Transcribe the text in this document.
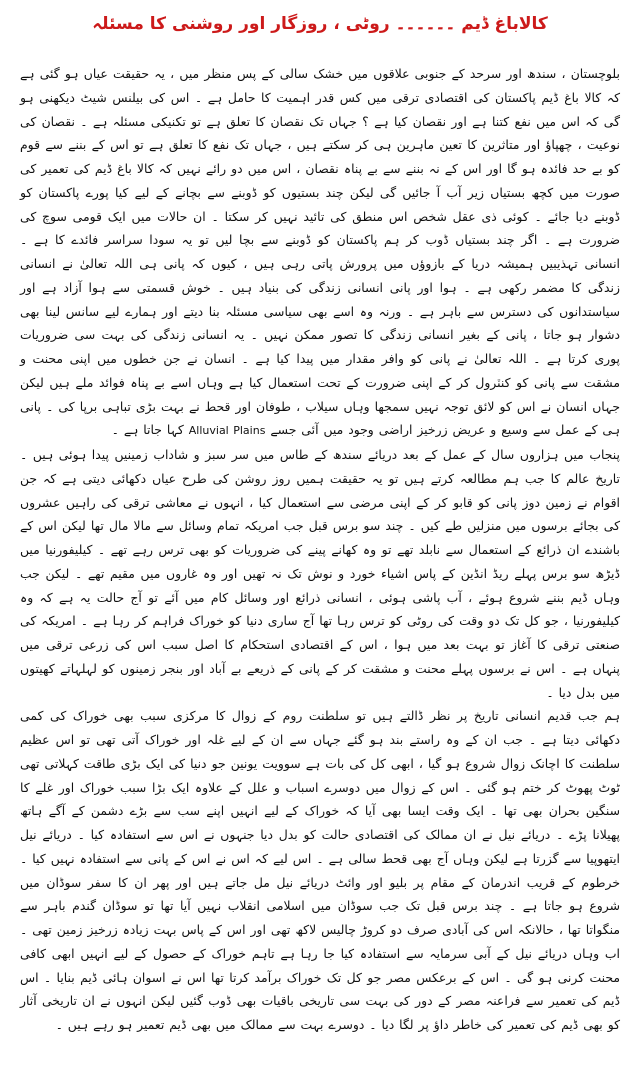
کالاباغ ڈیم ۔۔۔۔۔۔ روٹی ، روزگار اور روشنی کا مسئلہ

بلوچستان ، سندھ اور سرحد کے جنوبی علاقوں میں خشک سالی کے پس منظر میں ، یہ حقیقت عیاں ہو گئی ہے کہ کالا باغ ڈیم پاکستان کی اقتصادی ترقی میں کس قدر اہمیت کا حامل ہے ۔ اس کی بیلنس شیٹ دیکھنی ہو گی کہ اس میں نفع کتنا ہے اور نقصان کیا ہے ؟ جہاں تک نقصان کا تعلق ہے تو تکنیکی مسئلہ ہے ۔ نقصان کی نوعیت ، چھپاؤ اور متاثرین کا تعین ماہرین ہی کر سکتے ہیں ، جہاں تک نفع کا تعلق ہے تو اس کے بننے سے قوم کو بے حد فائدہ ہو گا اور اس کے نہ بننے سے بے پناہ نقصان ، اس میں دو رائے نہیں کہ کالا باغ ڈیم کی تعمیر کی صورت میں کچھ بستیاں زیر آب آ جائیں گی لیکن چند بستیوں کو ڈوبنے سے بچانے کے لیے کیا پورے پاکستان کو ڈوبنے دیا جائے ۔ کوئی ذی عقل شخص اس منطق کی تائید نہیں کر سکتا ۔ ان حالات میں ایک قومی سوچ کی ضرورت ہے ۔ اگر چند بستیاں ڈوب کر ہم پاکستان کو ڈوبنے سے بچا لیں تو یہ سودا سراسر فائدے کا ہے ۔ انسانی تہذیبیں ہمیشہ دریا کے بازوؤں میں پرورش پاتی رہی ہیں ، کیوں کہ پانی ہی اللہ تعالیٰ نے انسانی زندگی کا مضمر رکھی ہے ۔ ہوا اور پانی انسانی زندگی کی بنیاد ہیں ۔ خوش قسمتی سے ہوا آزاد ہے اور سیاستدانوں کی دسترس سے باہر ہے ۔ ورنہ وہ اسے بھی سیاسی مسئلہ بنا دیتے اور ہمارے لیے سانس لینا بھی دشوار ہو جاتا ، پانی کے بغیر انسانی زندگی کا تصور ممکن نہیں ۔ یہ انسانی زندگی کی بہت سی ضروریات پوری کرتا ہے ۔ اللہ تعالیٰ نے پانی کو وافر مقدار میں پیدا کیا ہے ۔ انسان نے جن خطوں میں اپنی محنت و مشقت سے پانی کو کنٽرول کر کے اپنی ضرورت کے تحت استعمال کیا ہے وہاں اسے بے پناہ فوائد ملے ہیں لیکن جہاں انسان نے اس کو لائق توجہ نہیں سمجھا وہاں سیلاب ، طوفان اور قحط نے بہت بڑی تباہی برپا کی ۔ پانی ہی کے عمل سے وسیع و عریض زرخیز اراضی وجود میں آئی جسے Alluvial Plains کہا جاتا ہے ۔

پنجاب میں ہزاروں سال کے عمل کے بعد دریائے سندھ کے طاس میں سر سبز و شاداب زمینیں پیدا ہوئی ہیں ۔ تاریخ عالم کا جب ہم مطالعہ کرتے ہیں تو یہ حقیقت ہمیں روز روشن کی طرح عیاں دکھائی دیتی ہے کہ جن اقوام نے زمین دوز پانی کو قابو کر کے اپنی مرضی سے استعمال کیا ، انہوں نے معاشی ترقی کی راہیں عشروں کی بجائے برسوں میں منزلیں طے کیں ۔ چند سو برس قبل جب امریکہ تمام وسائل سے مالا مال تھا لیکن اس کے باشندے ان ذرائع کے استعمال سے نابلد تھے تو وہ کھانے پینے کی ضروریات کو بھی ترس رہے تھے ۔ کیلیفورنیا میں ڈیڑھ سو برس پہلے ریڈ انڈین کے پاس اشیاء خورد و نوش تک نہ تھیں اور وہ غاروں میں مقیم تھے ۔ لیکن جب وہاں ڈیم بننے شروع ہوئے ، آب پاشی ہوئی ، انسانی ذرائع اور وسائل کام میں آئے تو آج حالت یہ ہے کہ وہ کیلیفورنیا ، جو کل تک دو وقت کی روٹی کو ترس رہا تھا آج ساری دنیا کو خوراک فراہم کر رہا ہے ۔ امریکہ کی صنعتی ترقی کا آغاز تو بہت بعد میں ہوا ، اس کے اقتصادی استحکام کا اصل سبب اس کی زرعی ترقی میں پنہاں ہے ۔ اس نے برسوں پہلے محنت و مشقت کر کے پانی کے ذریعے بے آباد اور بنجر زمینوں کو لہلہاتے کھیتوں میں بدل دیا ۔

ہم جب قدیم انسانی تاریخ پر نظر ڈالتے ہیں تو سلطنت روم کے زوال کا مرکزی سبب بھی خوراک کی کمی دکھائی دیتا ہے ۔ جب ان کے وہ راستے بند ہو گئے جہاں سے ان کے لیے غلہ اور خوراک آتی تھی تو اس عظیم سلطنت کا اچانک زوال شروع ہو گیا ، ابھی کل کی بات ہے سوویت یونین جو دنیا کی ایک بڑی طاقت کہلاتی تھی ٹوٹ پھوٹ کر ختم ہو گئی ۔ اس کے زوال میں دوسرے اسباب و علل کے علاوہ ایک بڑا سبب خوراک اور غلے کا سنگین بحران بھی تھا ۔ ایک وقت ایسا بھی آیا کہ خوراک کے لیے انہیں اپنے سب سے بڑے دشمن کے آگے ہاتھ پھیلانا پڑے ۔ دریائے نیل نے ان ممالک کی اقتصادی حالت کو بدل دیا جنہوں نے اس سے استفادہ کیا ۔ دریائے نیل ایتھوپیا سے گزرتا ہے لیکن وہاں آج بھی قحط سالی ہے ۔ اس لیے کہ اس نے اس کے پانی سے استفادہ نہیں کیا ۔ خرطوم کے قریب اندرمان کے مقام پر بلیو اور وائٹ دریائے نیل مل جاتے ہیں اور پھر ان کا سفر سوڈان میں شروع ہو جاتا ہے ۔ چند برس قبل تک جب سوڈان میں اسلامی انقلاب نہیں آیا تھا تو سوڈان گندم باہر سے منگواتا تھا ، حالانکہ اس کی آبادی صرف دو کروڑ چالیس لاکھ تھی اور اس کے پاس بہت زیادہ زرخیز زمین تھی ۔ اب وہاں دریائے نیل کے آبی سرمایہ سے استفادہ کیا جا رہا ہے تاہم خوراک کے حصول کے لیے انہیں ابھی کافی محنت کرنی ہو گی ۔ اس کے برعکس مصر جو کل تک خوراک برآمد کرتا تھا اس نے اسوان ہائی ڈیم بنایا ۔ اس ڈیم کی تعمیر سے فراعنہ مصر کے دور کی بہت سی تاریخی باقیات بھی ڈوب گئیں لیکن انہوں نے ان تاریخی آثار کو بھی ڈیم کی تعمیر کی خاطر داؤ پر لگا دیا ۔ دوسرے بہت سے ممالک میں بھی ڈیم تعمیر ہو رہے ہیں ۔
